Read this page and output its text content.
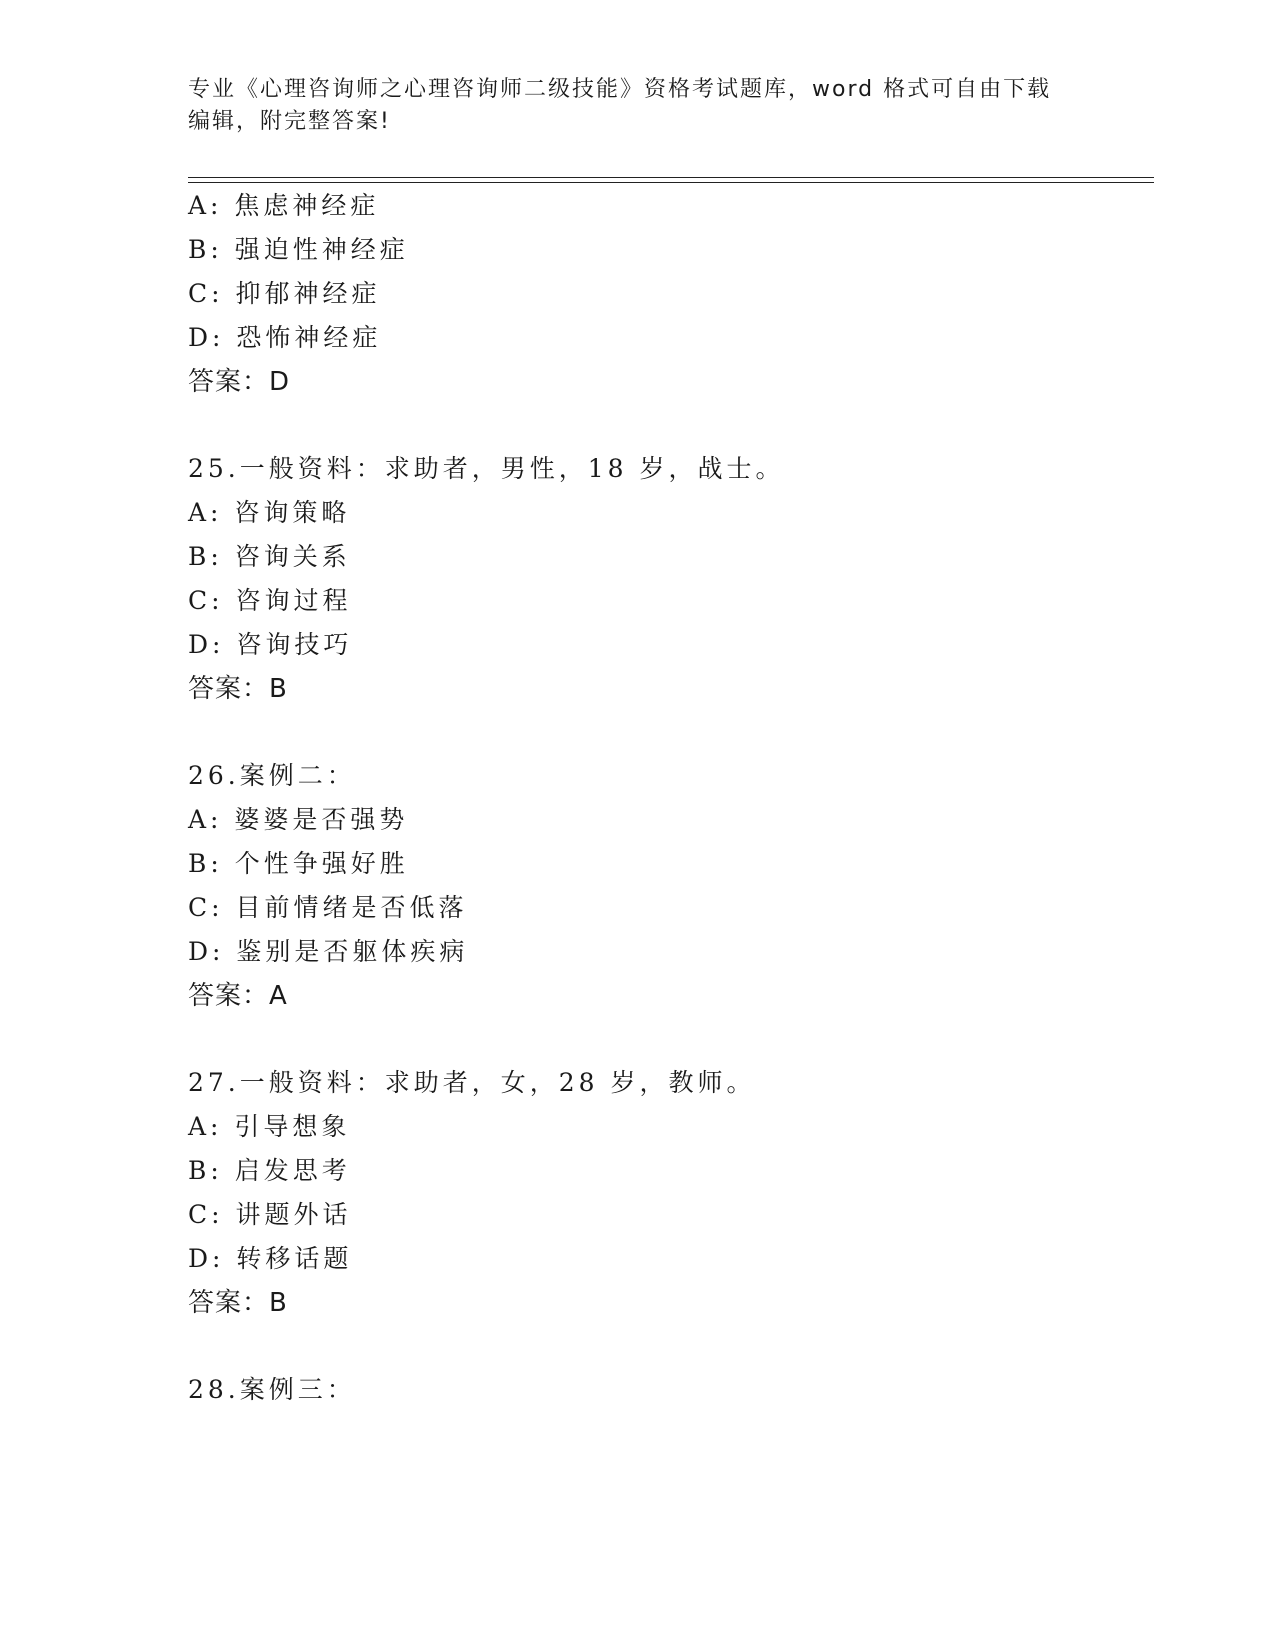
专业《心理咨询师之心理咨询师二级技能》资格考试题库，word 格式可自由下载
编辑，附完整答案!
A: 焦虑神经症
B: 强迫性神经症
C: 抑郁神经症
D: 恐怖神经症
答案：D
25.一般资料：求助者，男性，18 岁，战士。
A: 咨询策略
B: 咨询关系
C: 咨询过程
D: 咨询技巧
答案：B
26.案例二：
A: 婆婆是否强势
B: 个性争强好胜
C: 目前情绪是否低落
D: 鉴别是否躯体疾病
答案：A
27.一般资料：求助者，女，28 岁，教师。
A: 引导想象
B: 启发思考
C: 讲题外话
D: 转移话题
答案：B
28.案例三：
